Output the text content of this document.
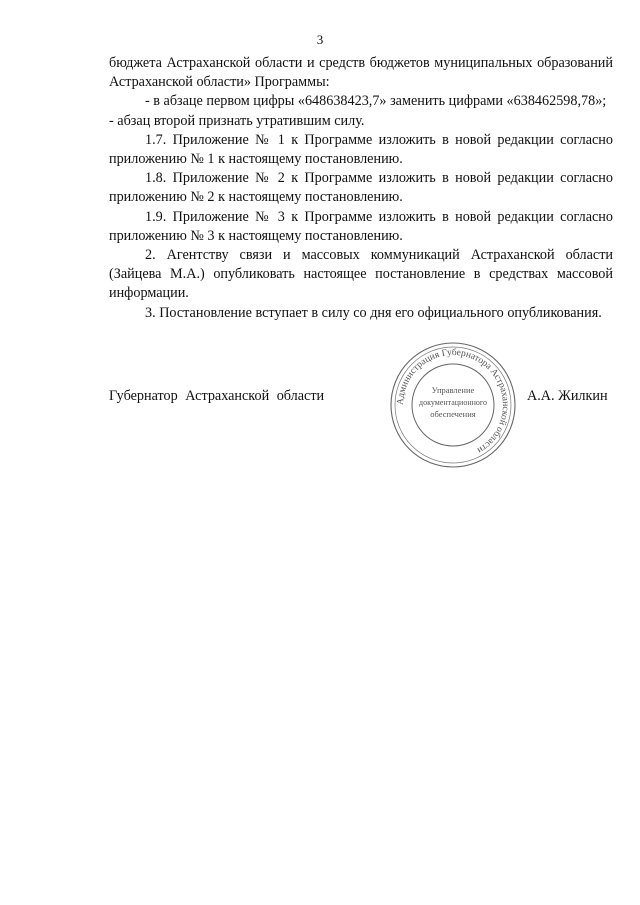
3

бюджета Астраханской области и средств бюджетов муниципальных образований Астраханской области» Программы:

- в абзаце первом цифры «648638423,7» заменить цифрами «638462598,78»;

- абзац второй признать утратившим силу.

1.7. Приложение № 1 к Программе изложить в новой редакции согласно приложению № 1 к настоящему постановлению.

1.8. Приложение № 2 к Программе изложить в новой редакции согласно приложению № 2 к настоящему постановлению.

1.9. Приложение № 3 к Программе изложить в новой редакции согласно приложению № 3 к настоящему постановлению.

2. Агентству связи и массовых коммуникаций Астраханской области (Зайцева М.А.) опубликовать настоящее постановление в средствах массовой информации.

3. Постановление вступает в силу со дня его официального опубликования.

Администрация Губернатора Астраханской области
Управление
документационного
обеспечения
Губернатор Астраханской области	А.А. Жилкин
